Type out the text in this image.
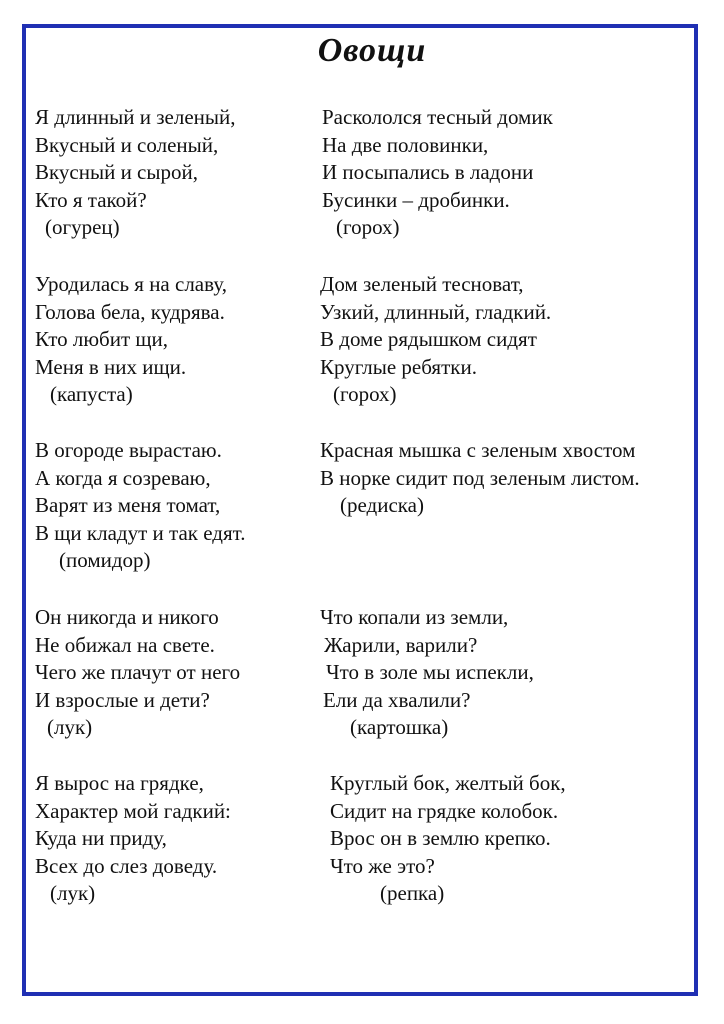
Овощи
Я длинный и зеленый,
Вкусный и соленый,
Вкусный и сырой,
Кто я такой?
(огурец)
Раскололся тесный домик
На две половинки,
И посыпались в ладони
Бусинки – дробинки.
(горох)
Уродилась я на славу,
Голова бела, кудрява.
Кто любит щи,
Меня в них ищи.
(капуста)
Дом зеленый тесноват,
Узкий, длинный, гладкий.
В доме рядышком сидят
Круглые ребятки.
(горох)
В огороде вырастаю.
А когда я созреваю,
Варят из меня томат,
В щи кладут и так едят.
(помидор)
Красная мышка с зеленым хвостом
В норке сидит под зеленым листом.
(редиска)
Он никогда и никого
Не обижал на свете.
Чего же плачут от него
И взрослые и дети?
(лук)
Что копали из земли,
Жарили, варили?
Что в золе мы испекли,
Ели да хвалили?
(картошка)
Я вырос на грядке,
Характер мой гадкий:
Куда ни приду,
Всех до слез доведу.
(лук)
Круглый бок, желтый бок,
Сидит на грядке колобок.
Врос он в землю крепко.
Что же это?
(репка)
